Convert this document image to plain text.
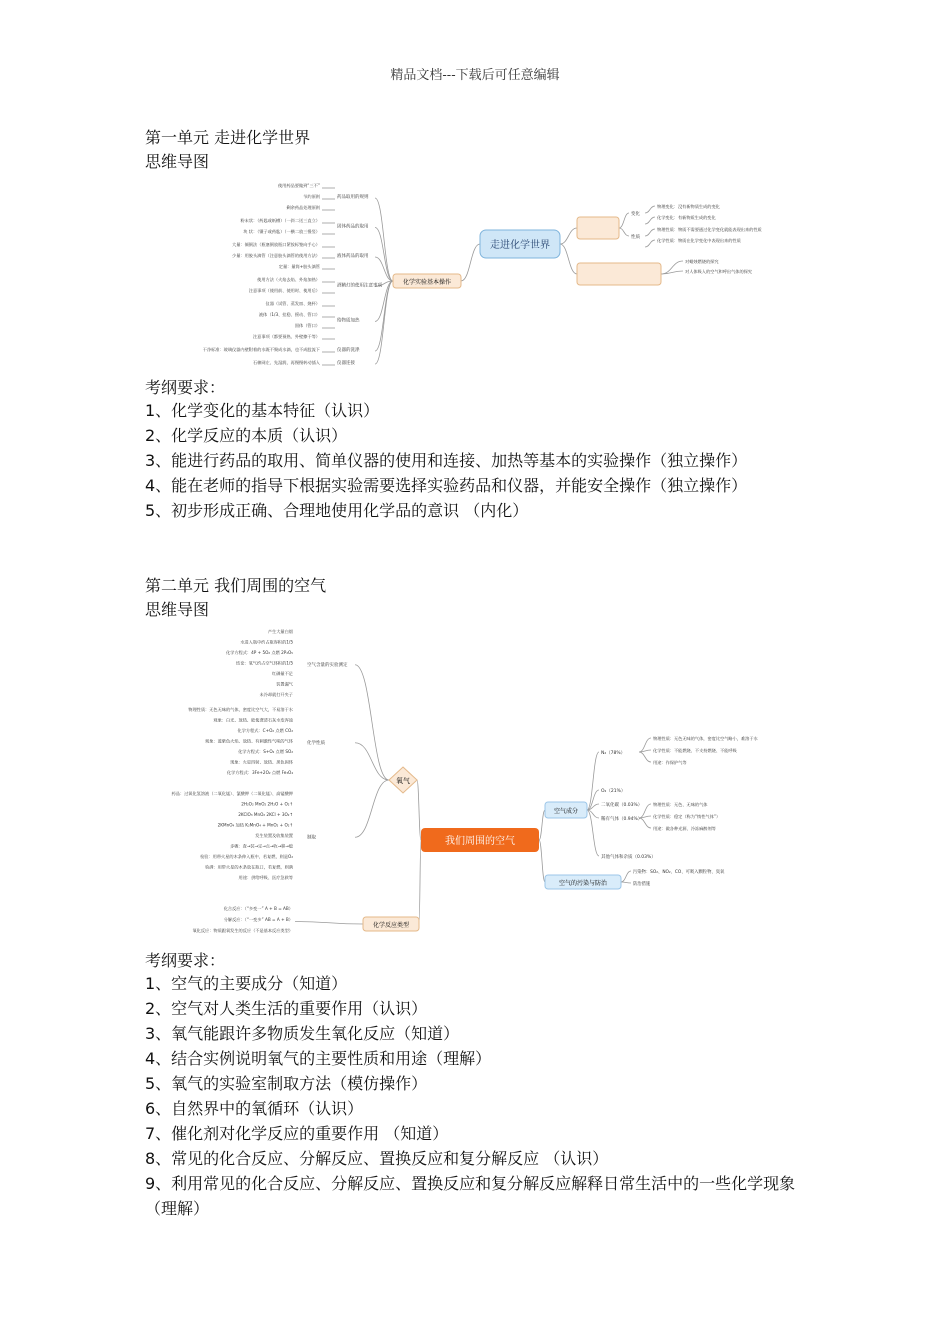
精品文档---下载后可任意编辑
第一单元 走进化学世界
思维导图
使用药品要做到“三不”
节约原则
剩余药品处理原则
药品取用的规则
粉末状：（药匙或纸槽）（一斜二送三直立）
块 状：（镊子或药匙）（一横二放三慢竖）
固体药品的取用
大量：倾倒法（瓶塞倒放瓶口紧挨标签向手心）
少量：用胶头滴管（注意胶头滴管的使用方法）
定量：量筒+胶头滴管
液体药品的取用
使用方法（火焰去焰、外焰加热）
注意事项（使用前、使用时、使用后）
酒精灯的使用注意事项
仪器（试管、蒸发皿、烧杯）
液体（1/3、挂稳、摇动、管口）
固体（管口）
注意事项（都要预热、外壁擦干等）
给物质加热
干净标准：玻璃仪器内壁附着的水既不聚成水滴，也不成股流下	仪器的洗涤
石棉网左、先湿润，再慢慢转动插入	仪器连接
变化
物理变化：没有新物质生成的变化
化学变化：有新物质生成的变化
性质
物理性质：物质不需要通过化学变化就能表现出来的性质
化学性质：物质在化学变化中表现出来的性质
对蜡烛燃烧的探究
对人体吸入的空气和呼出气体的探究
走进化学世界
化学实验基本操作
考纲要求：
1、化学变化的基本特征（认识）
2、化学反应的本质（认识）
3、能进行药品的取用、简单仪器的使用和连接、加热等基本的实验操作（独立操作）
4、能在老师的指导下根据实验需要选择实验药品和仪器，并能安全操作（独立操作）
5、初步形成正确、合理地使用化学品的意识 （内化）
第二单元 我们周围的空气
思维导图
产生大量白烟
水进入瓶中约占瓶容积的1/5
化学方程式：4P + 5O₂ 点燃 2P₂O₅
结论：氧气约占空气体积的1/5
红磷量不足
装置漏气
未冷却就打开夹子
空气含量的实验测定
物理性质：无色无味的气体，密度比空气大，不易溶于水
观象：白光、放热、能使澄清石灰水变浑浊
化学方程式：C+O₂ 点燃 CO₂
观象：蓝紫色火焰、放热、有刺激性气味的气体
化学方程式：S+O₂ 点燃 SO₂
现象：火星四射、放热、黑色固体
化学方程式：3Fe+2O₂ 点燃 Fe₃O₄
化学性质
药品：过氧化氢溶液（二氧化锰）、氯酸钾（二氧化锰）、高锰酸钾
2H₂O₂ MnO₂ 2H₂O + O₂↑
2KClO₃ MnO₂ 2KCl + 3O₂↑
2KMnO₄ 加热 K₂MnO₄ + MnO₂ + O₂↑
发生装置及收集装置
步骤：查→装→定→点→收→移→熄
检验：用带火星的木条伸入瓶中，若复燃，则是O₂
验满：用带火星的木条放在瓶口，若复燃，则满
用途：供给呼吸、医疗急救等
制取
化合反应：（“多变一” A + B = AB）
分解反应：（“一变多” AB = A + B）
氧化反应：物质跟氧发生的反应（不是基本反应类型）
N₂（78%）
物理性质：无色无味的气体，密度比空气略小，难溶于水
化学性质：不能燃烧、不支持燃烧、不能呼吸
用途：作保护气等
O₂（21%）
二氧化碳（0.03%）
稀有气体（0.94%）
物理性质：无色、无味的气体
化学性质：稳定（称为“惰性气体”）
用途：做各种光源、冷冻麻醉剂等
其他气体和杂质（0.03%）
污染物：SO₂、NO₂、CO、可吸入颗粒物、臭氧
防治措施
我们周围的空气
氧气
化学反应类型
空气成分
空气的污染与防治
考纲要求：
1、空气的主要成分（知道）
2、空气对人类生活的重要作用（认识）
3、氧气能跟许多物质发生氧化反应（知道）
4、结合实例说明氧气的主要性质和用途（理解）
5、氧气的实验室制取方法（模仿操作）
6、自然界中的氧循环（认识）
7、催化剂对化学反应的重要作用 （知道）
8、常见的化合反应、分解反应、置换反应和复分解反应 （认识）
9、利用常见的化合反应、分解反应、置换反应和复分解反应解释日常生活中的一些化学现象 （理解）
